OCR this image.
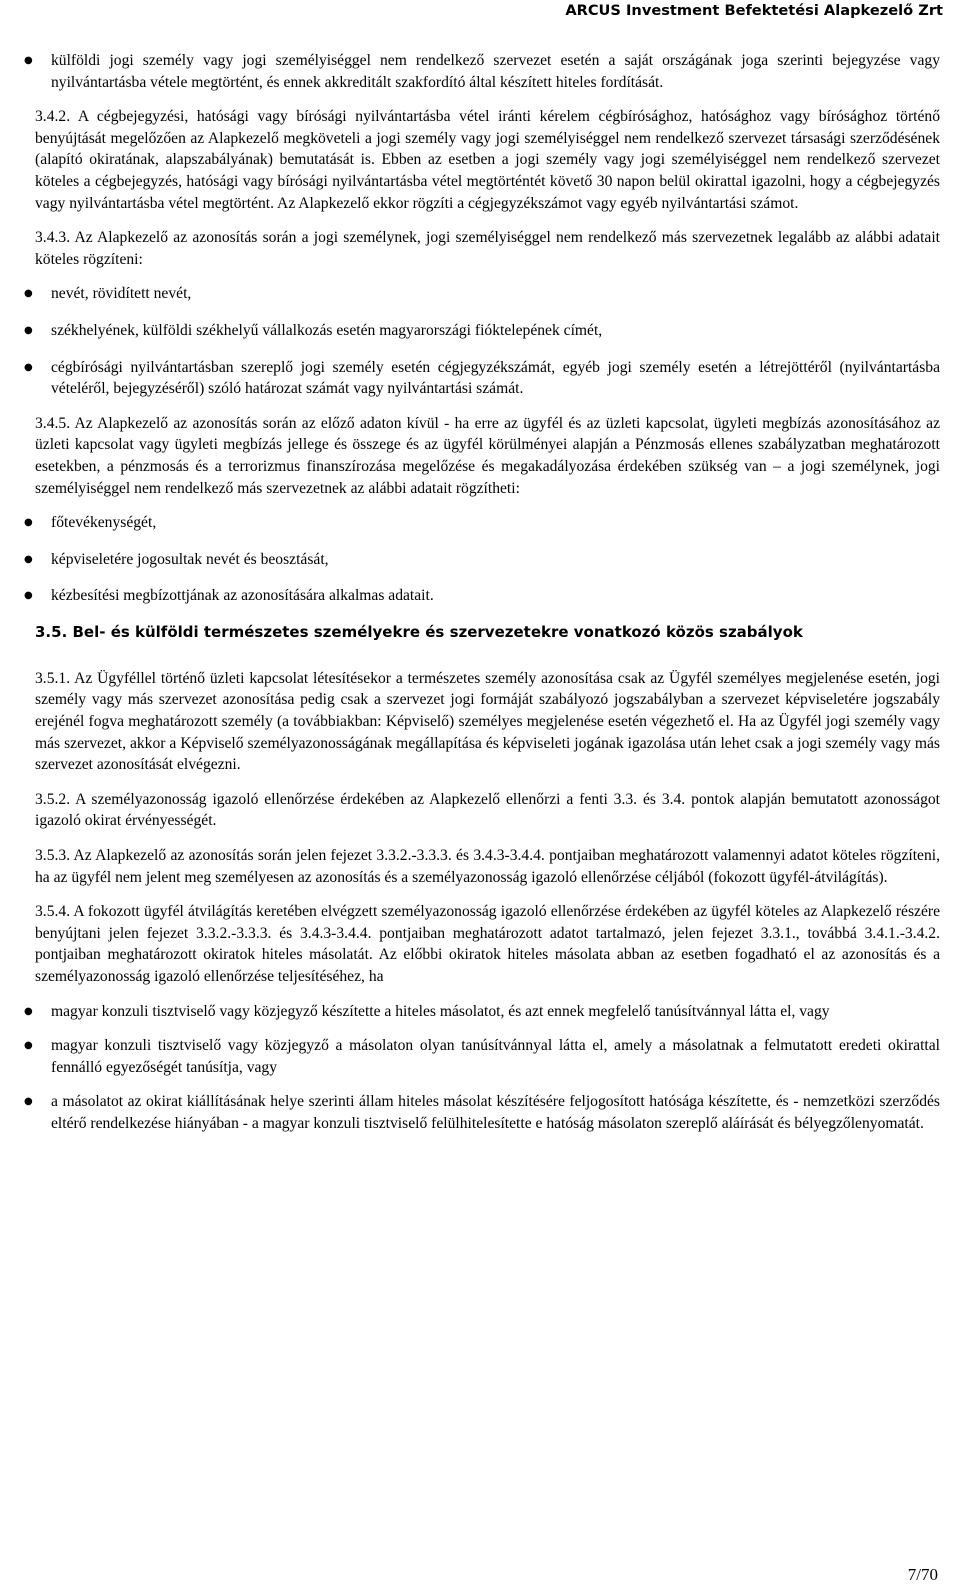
ARCUS Investment Befektetési Alapkezelő Zrt
● külföldi jogi személy vagy jogi személyiséggel nem rendelkező szervezet esetén a saját országának joga szerinti bejegyzése vagy nyilvántartásba vétele megtörtént, és ennek akkreditált szakfordító által készített hiteles fordítását.

3.4.2. A cégbejegyzési, hatósági vagy bírósági nyilvántartásba vétel iránti kérelem cégbírósághoz, hatósághoz vagy bírósághoz történő benyújtását megelőzően az Alapkezelő megköveteli a jogi személy vagy jogi személyiséggel nem rendelkező szervezet társasági szerződésének (alapító okiratának, alapszabályának) bemutatását is. Ebben az esetben a jogi személy vagy jogi személyiséggel nem rendelkező szervezet köteles a cégbejegyzés, hatósági vagy bírósági nyilvántartásba vétel megtörténtét követő 30 napon belül okirattal igazolni, hogy a cégbejegyzés vagy nyilvántartásba vétel megtörtént. Az Alapkezelő ekkor rögzíti a cégjegyzékszámot vagy egyéb nyilvántartási számot.

3.4.3. Az Alapkezelő az azonosítás során a jogi személynek, jogi személyiséggel nem rendelkező más szervezetnek legalább az alábbi adatait köteles rögzíteni:

● nevét, rövidített nevét,
● székhelyének, külföldi székhelyű vállalkozás esetén magyarországi fióktelepének címét,
● cégbírósági nyilvántartásban szereplő jogi személy esetén cégjegyzékszámát, egyéb jogi személy esetén a létrejöttéről (nyilvántartásba vételéről, bejegyzéséről) szóló határozat számát vagy nyilvántartási számát.

3.4.5. Az Alapkezelő az azonosítás során az előző adaton kívül - ha erre az ügyfél és az üzleti kapcsolat, ügyleti megbízás azonosításához az üzleti kapcsolat vagy ügyleti megbízás jellege és összege és az ügyfél körülményei alapján a Pénzmosás ellenes szabályzatban meghatározott esetekben, a pénzmosás és a terrorizmus finanszírozása megelőzése és megakadályozása érdekében szükség van – a jogi személynek, jogi személyiséggel nem rendelkező más szervezetnek az alábbi adatait rögzítheti:

● főtevékenységét,
● képviseletére jogosultak nevét és beosztását,
● kézbesítési megbízottjának az azonosítására alkalmas adatait.
3.5. Bel- és külföldi természetes személyekre és szervezetekre vonatkozó közös szabályok

3.5.1. Az Ügyféllel történő üzleti kapcsolat létesítésekor a természetes személy azonosítása csak az Ügyfél személyes megjelenése esetén, jogi személy vagy más szervezet azonosítása pedig csak a szervezet jogi formáját szabályozó jogszabályban a szervezet képviseletére jogszabály erejénél fogva meghatározott személy (a továbbiakban: Képviselő) személyes megjelenése esetén végezhető el. Ha az Ügyfél jogi személy vagy más szervezet, akkor a Képviselő személyazonosságának megállapítása és képviseleti jogának igazolása után lehet csak a jogi személy vagy más szervezet azonosítását elvégezni.

3.5.2. A személyazonosság igazoló ellenőrzése érdekében az Alapkezelő ellenőrzi a fenti 3.3. és 3.4. pontok alapján bemutatott azonosságot igazoló okirat érvényességét.

3.5.3. Az Alapkezelő az azonosítás során jelen fejezet 3.3.2.-3.3.3. és 3.4.3-3.4.4. pontjaiban meghatározott valamennyi adatot köteles rögzíteni, ha az ügyfél nem jelent meg személyesen az azonosítás és a személyazonosság igazoló ellenőrzése céljából (fokozott ügyfél-átvilágítás).

3.5.4. A fokozott ügyfél átvilágítás keretében elvégzett személyazonosság igazoló ellenőrzése érdekében az ügyfél köteles az Alapkezelő részére benyújtani jelen fejezet 3.3.2.-3.3.3. és 3.4.3-3.4.4. pontjaiban meghatározott adatot tartalmazó, jelen fejezet 3.3.1., továbbá 3.4.1.-3.4.2. pontjaiban meghatározott okiratok hiteles másolatát. Az előbbi okiratok hiteles másolata abban az esetben fogadható el az azonosítás és a személyazonosság igazoló ellenőrzése teljesítéséhez, ha

● magyar konzuli tisztviselő vagy közjegyző készítette a hiteles másolatot, és azt ennek megfelelő tanúsítvánnyal látta el, vagy
● magyar konzuli tisztviselő vagy közjegyző a másolaton olyan tanúsítvánnyal látta el, amely a másolatnak a felmutatott eredeti okirattal fennálló egyezőségét tanúsítja, vagy
● a másolatot az okirat kiállításának helye szerinti állam hiteles másolat készítésére feljogosított hatósága készítette, és - nemzetközi szerződés eltérő rendelkezése hiányában - a magyar konzuli tisztviselő felülhitelesítette e hatóság másolaton szereplő aláírását és bélyegzőlenyomatát.
7/70
